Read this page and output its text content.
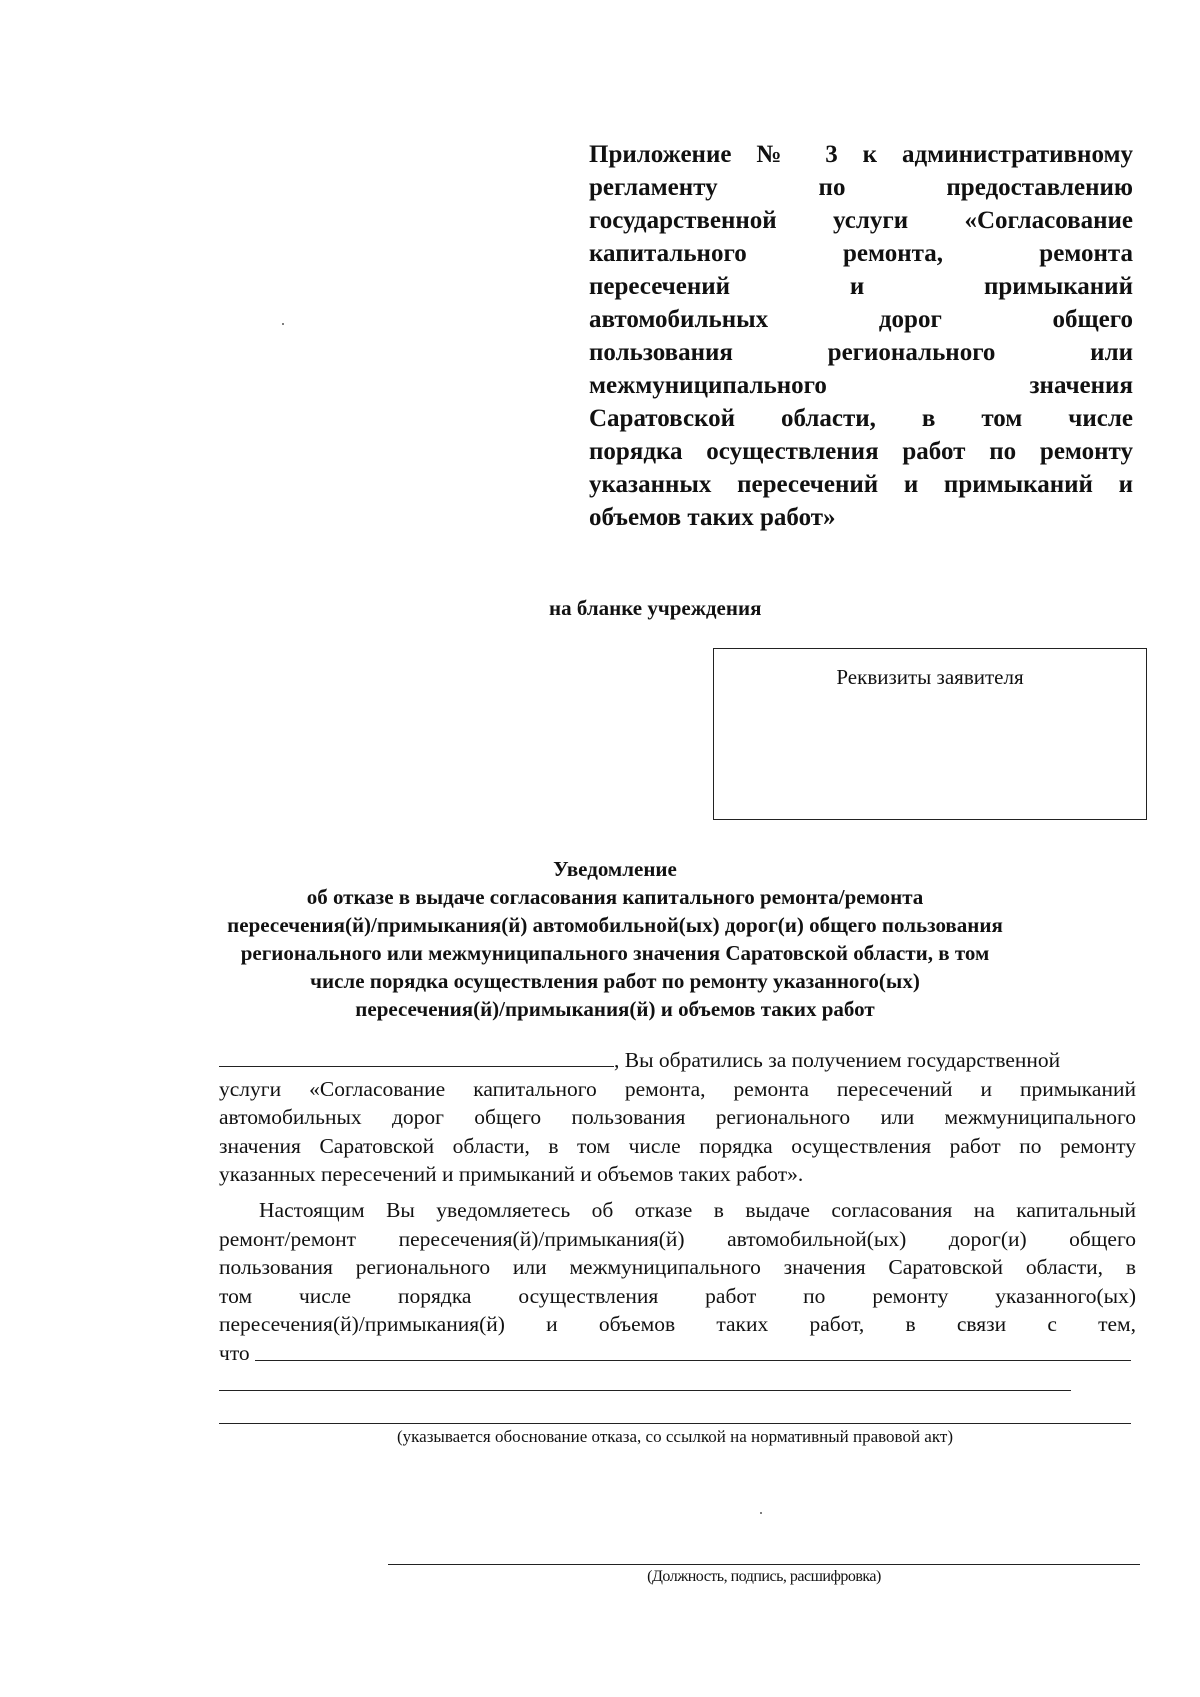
Приложение № 3 к административному
регламенту по предоставлению
государственной услуги «Согласование
капитального ремонта, ремонта
пересечений и примыканий
автомобильных дорог общего
пользования регионального или
межмуниципального значения
Саратовской области, в том числе
порядка осуществления работ по ремонту
указанных пересечений и примыканий и
объемов таких работ»
на бланке учреждения
Реквизиты заявителя
Уведомление
об отказе в выдаче согласования капитального ремонта/ремонта
пересечения(й)/примыкания(й) автомобильной(ых) дорог(и) общего пользования
регионального или межмуниципального значения Саратовской области, в том
числе порядка осуществления работ по ремонту указанного(ых)
пересечения(й)/примыкания(й) и объемов таких работ
, Вы обратились за получением государственной
услуги «Согласование капитального ремонта, ремонта пересечений и примыканий
автомобильных дорог общего пользования регионального или межмуниципального
значения Саратовской области, в том числе порядка осуществления работ по ремонту
указанных пересечений и примыканий и объемов таких работ».
Настоящим Вы уведомляетесь об отказе в выдаче согласования на капитальный
ремонт/ремонт пересечения(й)/примыкания(й) автомобильной(ых) дорог(и) общего
пользования регионального или межмуниципального значения Саратовской области, в
том числе порядка осуществления работ по ремонту указанного(ых)
пересечения(й)/примыкания(й) и объемов таких работ, в связи с тем,
что
(указывается обоснование отказа, со ссылкой на нормативный правовой акт)
(Должность, подпись, расшифровка)
